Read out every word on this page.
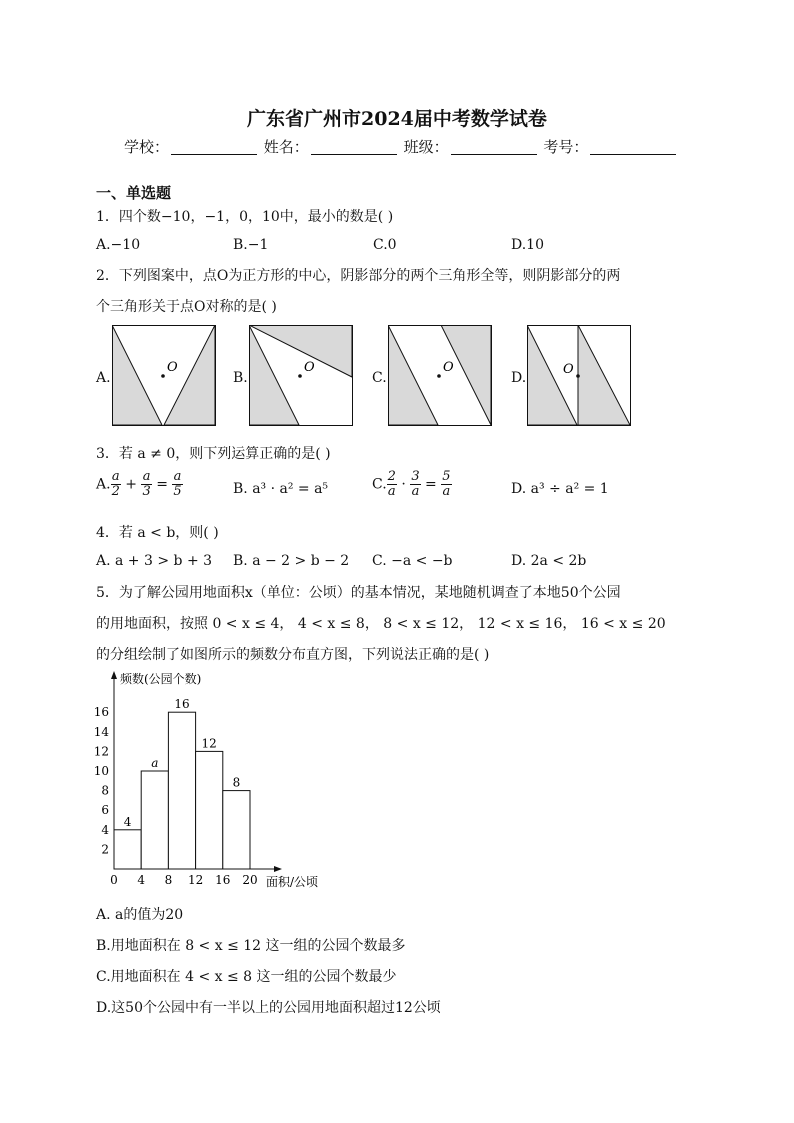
广东省广州市2024届中考数学试卷
学校：	姓名：	班级：	考号：
一、单选题
1．四个数−10，−1，0，10中，最小的数是( )
A.−10	B.−1	C.0	D.10
2．下列图案中，点O为正方形的中心，阴影部分的两个三角形全等，则阴影部分的两
个三角形关于点O对称的是( )
A.
O
B.
O
C.
O
D.
O
3．若 a ≠ 0，则下列运算正确的是( )
A. $\frac{a}{2} + \frac{a}{3} = \frac{a}{5}$	B. a³ · a² = a⁵	C. $\frac{2}{a} \cdot \frac{3}{a} = \frac{5}{a}$	D. a³ ÷ a² = 1
4．若 a < b，则( )
A. a + 3 > b + 3 B. a − 2 > b − 2 C. −a < −b	D. 2a < 2b
5．为了解公园用地面积x（单位：公顷）的基本情况，某地随机调查了本地50个公园
的用地面积，按照 0 < x ≤ 4， 4 < x ≤ 8， 8 < x ≤ 12， 12 < x ≤ 16， 16 < x ≤ 20
的分组绘制了如图所示的频数分布直方图，下列说法正确的是( )
频数(公园个数)
面积/公顷
4
a
16
12
8
2
4
6
8
10
12
14
16
0 4 8 12 16 20
A. a的值为20
B.用地面积在 8 < x ≤ 12 这一组的公园个数最多
C.用地面积在 4 < x ≤ 8 这一组的公园个数最少
D.这50个公园中有一半以上的公园用地面积超过12公顷
